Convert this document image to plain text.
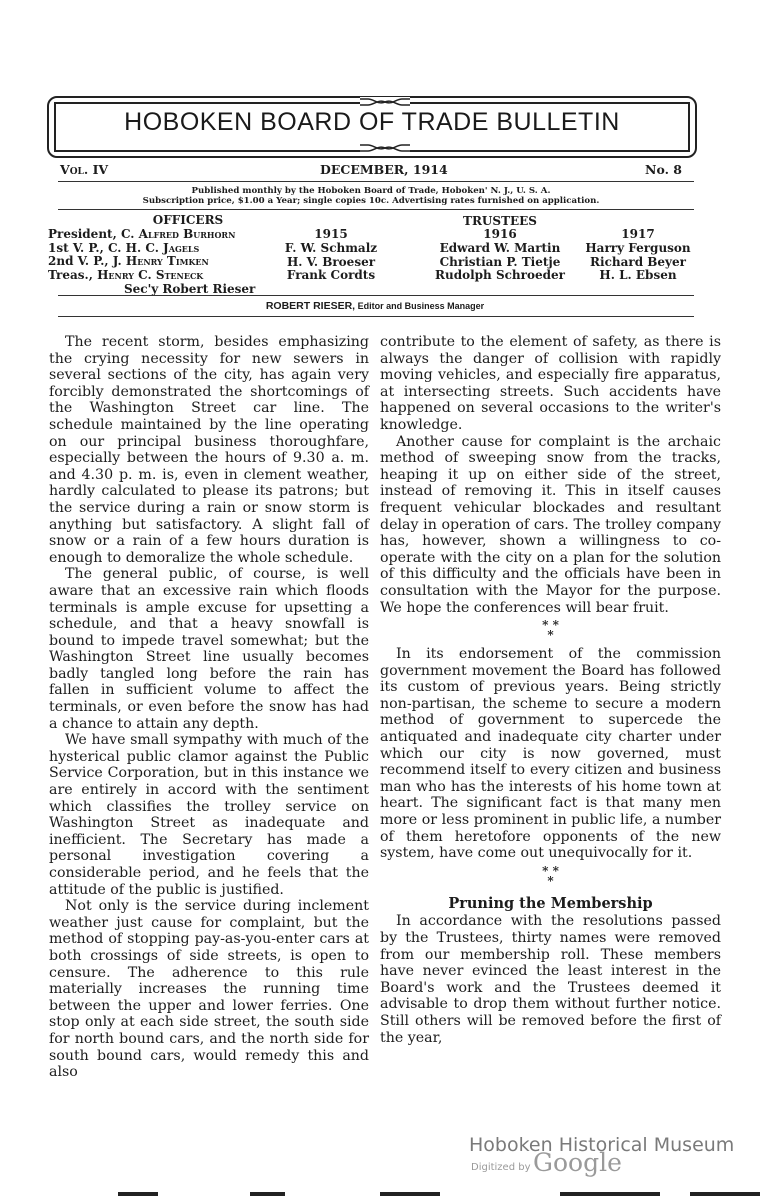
HOBOKEN BOARD OF TRADE BULLETIN
Vol. IV	DECEMBER, 1914	No. 8
Published monthly by the Hoboken Board of Trade, Hoboken' N. J., U. S. A.
Subscription price, $1.00 a Year; single copies 10c. Advertising rates furnished on application.
OFFICERS
President, C. Alfred Burhorn
1st V. P., C. H. C. Jagels
2nd V. P., J. Henry Timken
Treas., Henry C. Steneck
Sec'y Robert Rieser
TRUSTEES
1915
F. W. Schmalz
H. V. Broeser
Frank Cordts
1916
Edward W. Martin
Christian P. Tietje
Rudolph Schroeder
1917
Harry Ferguson
Richard Beyer
H. L. Ebsen
ROBERT RIESER, Editor and Business Manager

The recent storm, besides emphasizing the crying necessity for new sewers in several sections of the city, has again very forcibly demonstrated the shortcomings of the Washington Street car line. The schedule maintained by the line operating on our principal business thoroughfare, especially between the hours of 9.30 a. m. and 4.30 p. m. is, even in clement weather, hardly calculated to please its patrons; but the service during a rain or snow storm is anything but satisfactory. A slight fall of snow or a rain of a few hours duration is enough to demoralize the whole schedule.

The general public, of course, is well aware that an excessive rain which floods terminals is ample excuse for upsetting a schedule, and that a heavy snowfall is bound to impede travel somewhat; but the Washington Street line usually becomes badly tangled long before the rain has fallen in sufficient volume to affect the terminals, or even before the snow has had a chance to attain any depth.

We have small sympathy with much of the hysterical public clamor against the Public Service Corporation, but in this instance we are entirely in accord with the sentiment which classifies the trolley service on Washington Street as inadequate and inefficient. The Secretary has made a personal investigation covering a considerable period, and he feels that the attitude of the public is justified.

Not only is the service during inclement weather just cause for complaint, but the method of stopping pay-as-you-enter cars at both crossings of side streets, is open to censure. The adherence to this rule materially increases the running time between the upper and lower ferries. One stop only at each side street, the south side for north bound cars, and the north side for south bound cars, would remedy this and also

contribute to the element of safety, as there is always the danger of collision with rapidly moving vehicles, and especially fire apparatus, at intersecting streets. Such accidents have happened on several occasions to the writer's knowledge.

Another cause for complaint is the archaic method of sweeping snow from the tracks, heaping it up on either side of the street, instead of removing it. This in itself causes frequent vehicular blockades and resultant delay in operation of cars. The trolley company has, however, shown a willingness to co-operate with the city on a plan for the solution of this difficulty and the officials have been in consultation with the Mayor for the purpose. We hope the conferences will bear fruit.

* *
*

In its endorsement of the commission government movement the Board has followed its custom of previous years. Being strictly non-partisan, the scheme to secure a modern method of government to supercede the antiquated and inadequate city charter under which our city is now governed, must recommend itself to every citizen and business man who has the interests of his home town at heart. The significant fact is that many men more or less prominent in public life, a number of them heretofore opponents of the new system, have come out unequivocally for it.

* *
*
Pruning the Membership

In accordance with the resolutions passed by the Trustees, thirty names were removed from our membership roll. These members have never evinced the least interest in the Board's work and the Trustees deemed it advisable to drop them without further notice. Still others will be removed before the first of the year,

Hoboken Historical Museum
Digitized by Google
